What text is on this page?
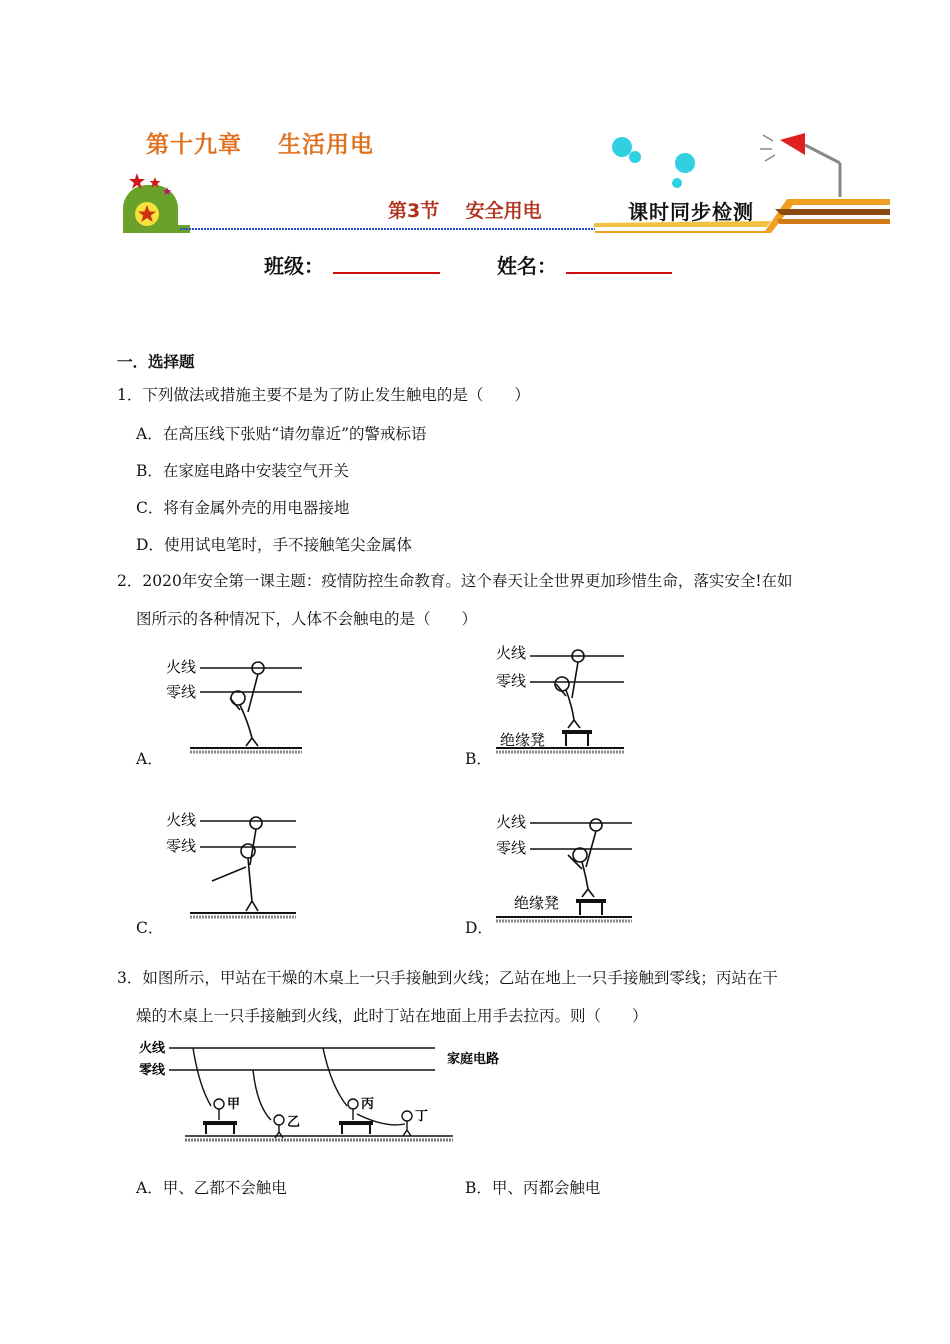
第十九章    生活用电
第3节    安全用电	课时同步检测
班级：	姓名：
一．选择题
1．下列做法或措施主要不是为了防止发生触电的是（　　）
A．在高压线下张贴“请勿靠近”的警戒标语
B．在家庭电路中安装空气开关
C．将有金属外壳的用电器接地
D．使用试电笔时，手不接触笔尖金属体
2．2020年安全第一课主题：疫情防控生命教育。这个春天让全世界更加珍惜生命，落实安全!在如
图所示的各种情况下，人体不会触电的是（　　）
A．
火线
零线
B．
火线
零线
绝缘凳
C．
火线
零线
D．
火线
零线
绝缘凳
3．如图所示，甲站在干燥的木桌上一只手接触到火线；乙站在地上一只手接触到零线；丙站在干
燥的木桌上一只手接触到火线，此时丁站在地面上用手去拉丙。则（　　）
火线
零线
家庭电路
甲
乙
丙
丁
A．甲、乙都不会触电	B．甲、丙都会触电
